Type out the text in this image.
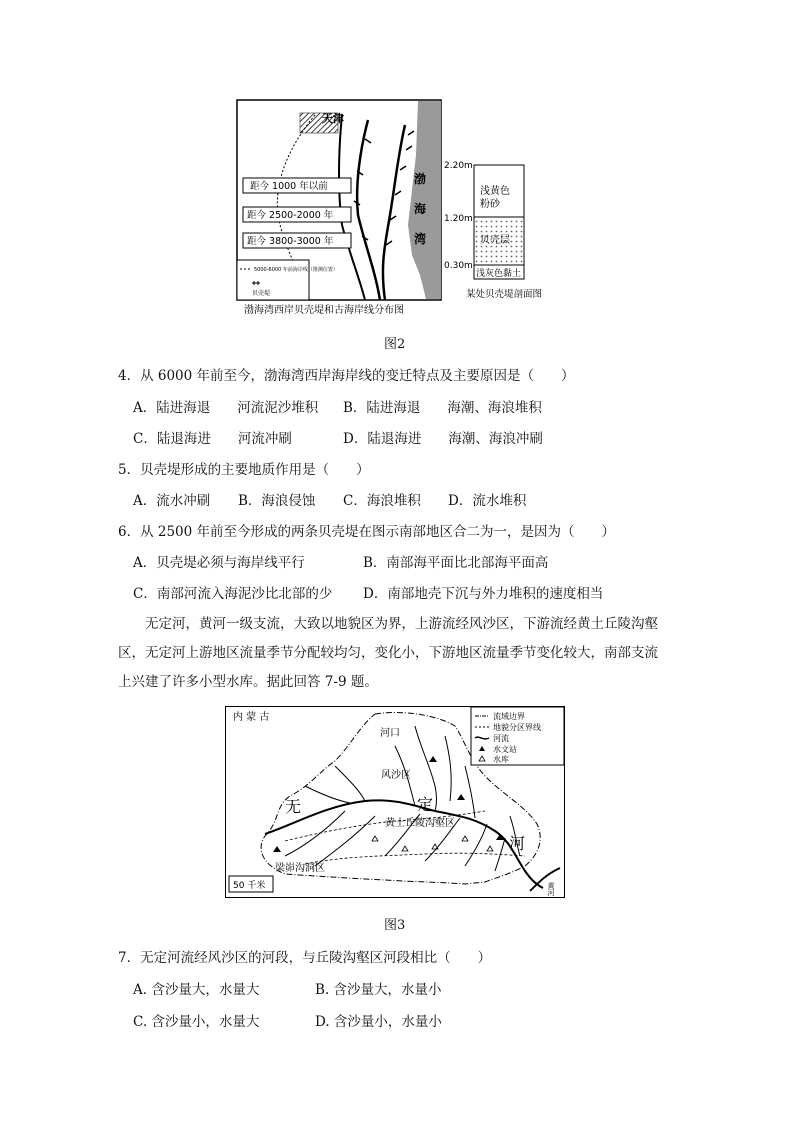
天津
渤
海
湾
距今 1000 年以前
距今 2500-2000 年
距今 3800-3000 年
5000-6000 年前海岸线（推测位置）
贝壳堤
渤海湾西岸贝壳堤和古海岸线分布图
2.20m
1.20m
0.30m
浅黄色
粉砂
贝壳层
浅灰色黏土
某处贝壳堤剖面图
图2
4．从 6000 年前至今，渤海湾西岸海岸线的变迁特点及主要原因是（　　）
A．陆进海退　　河流泥沙堆积 B．陆进海退　　海潮、海浪堆积
C．陆退海进　　河流冲刷	D．陆退海进　　海潮、海浪冲刷
5．贝壳堤形成的主要地质作用是（　　）
A．流水冲刷 B．海浪侵蚀 C．海浪堆积 D．流水堆积
6．从 2500 年前至今形成的两条贝壳堤在图示南部地区合二为一，是因为（　　）
A．贝壳堤必须与海岸线平行	B．南部海平面比北部海平面高
C．南部河流入海泥沙比北部的少 D．南部地壳下沉与外力堆积的速度相当
无定河，黄河一级支流，大致以地貌区为界，上游流经风沙区，下游流经黄土丘陵沟壑
区，无定河上游地区流量季节分配较均匀，变化小，下游地区流量季节变化较大，南部支流
上兴建了许多小型水库。据此回答 7-9 题。
内 蒙 古
河口
风沙区
黄土丘陵沟壑区
梁峁沟洞区
无	定
河
黄河
50 千米
流域边界
地貌分区界线
河流
水文站
水库
图3
7．无定河流经风沙区的河段，与丘陵沟壑区河段相比（　　）
A. 含沙量大，水量大	B. 含沙量大，水量小
C. 含沙量小，水量大	D. 含沙量小，水量小
